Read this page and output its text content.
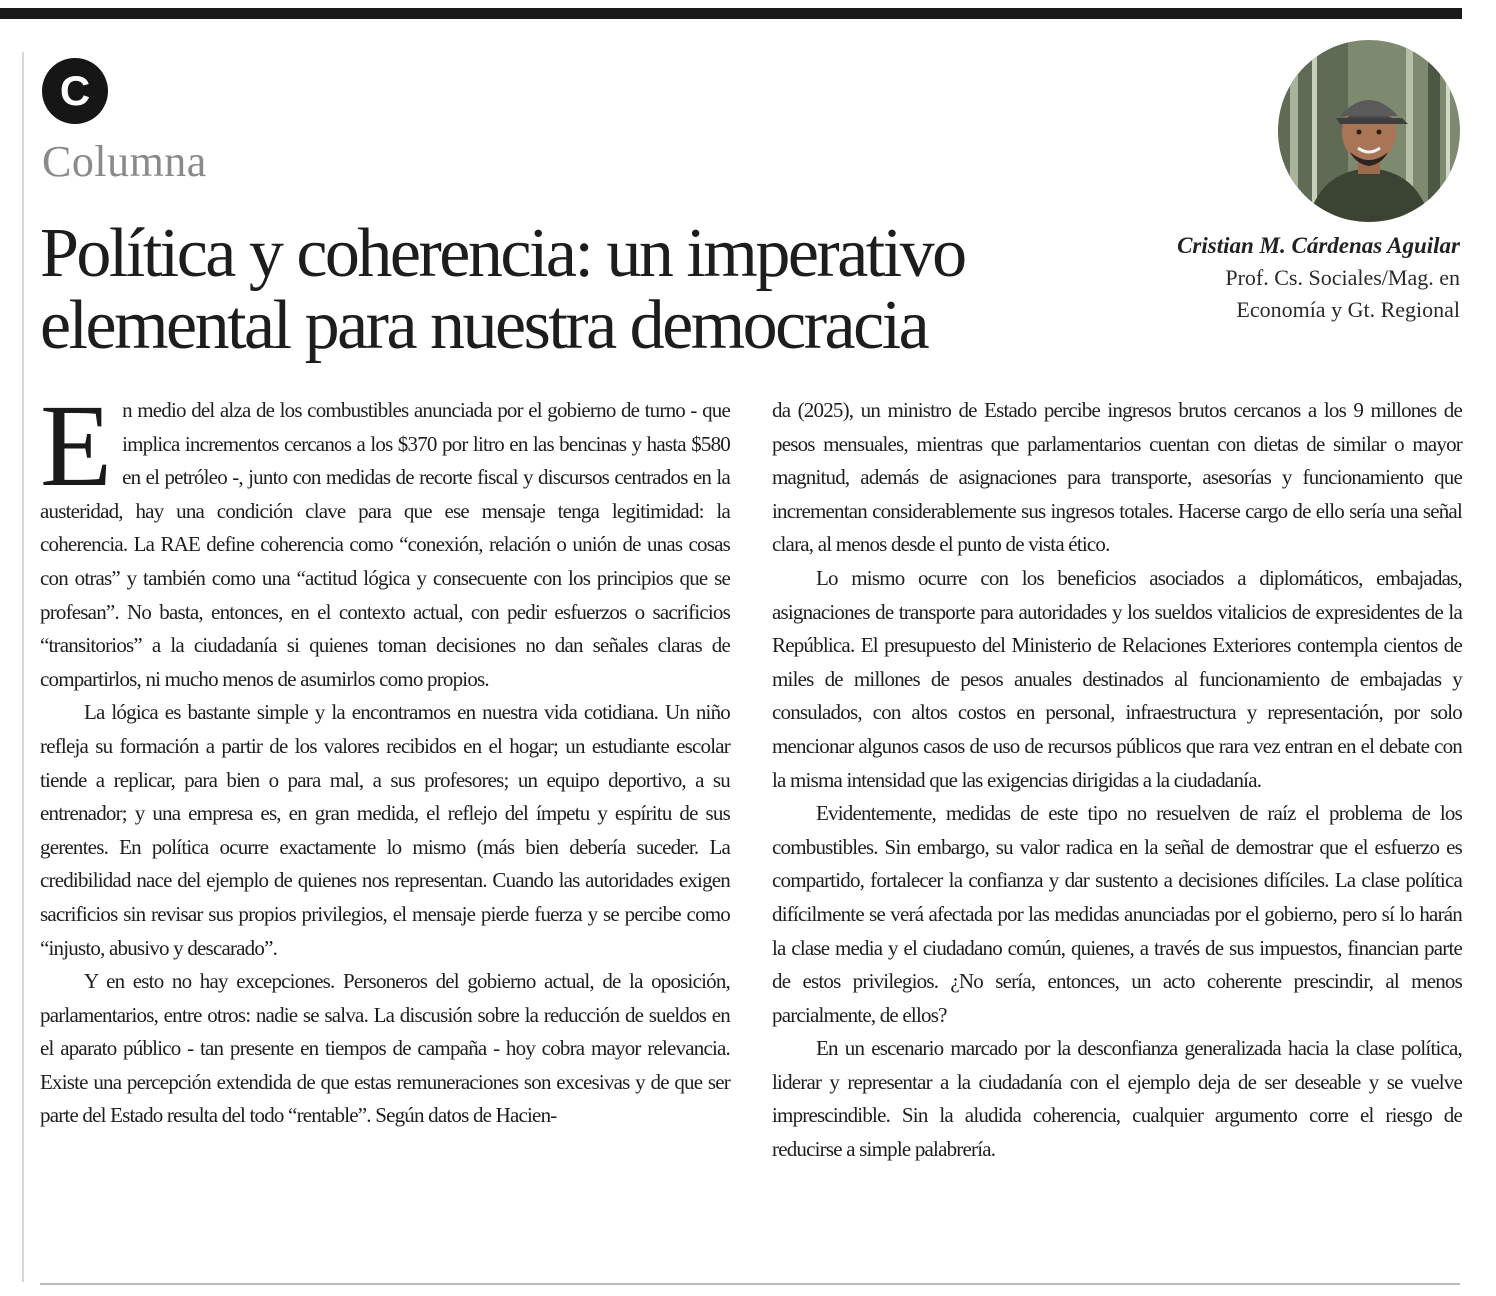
C
Columna
Política y coherencia: un imperativo
elemental para nuestra democracia
Cristian M. Cárdenas Aguilar
Prof. Cs. Sociales/Mag. en
Economía y Gt. Regional

En medio del alza de los combustibles anunciada por el gobierno de turno - que implica incrementos cercanos a los $370 por litro en las bencinas y hasta $580 en el petróleo -, junto con medidas de recorte fiscal y discursos centrados en la austeridad, hay una condición clave para que ese mensaje tenga legitimidad: la coherencia. La RAE define coherencia como “conexión, relación o unión de unas cosas con otras” y también como una “actitud lógica y consecuente con los principios que se profesan”. No basta, entonces, en el contexto actual, con pedir esfuerzos o sacrificios “transitorios” a la ciudadanía si quienes toman decisiones no dan señales claras de compartirlos, ni mucho menos de asumirlos como propios.

La lógica es bastante simple y la encontramos en nuestra vida cotidiana. Un niño refleja su formación a partir de los valores recibidos en el hogar; un estudiante escolar tiende a replicar, para bien o para mal, a sus profesores; un equipo deportivo, a su entrenador; y una empresa es, en gran medida, el reflejo del ímpetu y espíritu de sus gerentes. En política ocurre exactamente lo mismo (más bien debería suceder. La credibilidad nace del ejemplo de quienes nos representan. Cuando las autoridades exigen sacrificios sin revisar sus propios privilegios, el mensaje pierde fuerza y se percibe como “injusto, abusivo y descarado”.

Y en esto no hay excepciones. Personeros del gobierno actual, de la oposición, parlamentarios, entre otros: nadie se salva. La discusión sobre la reducción de sueldos en el aparato público - tan presente en tiempos de campaña - hoy cobra mayor relevancia. Existe una percepción extendida de que estas remuneraciones son excesivas y de que ser parte del Estado resulta del todo “rentable”. Según datos de Hacien-

da (2025), un ministro de Estado percibe ingresos brutos cercanos a los 9 millones de pesos mensuales, mientras que parlamentarios cuentan con dietas de similar o mayor magnitud, además de asignaciones para transporte, asesorías y funcionamiento que incrementan considerablemente sus ingresos totales. Hacerse cargo de ello sería una señal clara, al menos desde el punto de vista ético.

Lo mismo ocurre con los beneficios asociados a diplomáticos, embajadas, asignaciones de transporte para autoridades y los sueldos vitalicios de expresidentes de la República. El presupuesto del Ministerio de Relaciones Exteriores contempla cientos de miles de millones de pesos anuales destinados al funcionamiento de embajadas y consulados, con altos costos en personal, infraestructura y representación, por solo mencionar algunos casos de uso de recursos públicos que rara vez entran en el debate con la misma intensidad que las exigencias dirigidas a la ciudadanía.

Evidentemente, medidas de este tipo no resuelven de raíz el problema de los combustibles. Sin embargo, su valor radica en la señal de demostrar que el esfuerzo es compartido, fortalecer la confianza y dar sustento a decisiones difíciles. La clase política difícilmente se verá afectada por las medidas anunciadas por el gobierno, pero sí lo harán la clase media y el ciudadano común, quienes, a través de sus impuestos, financian parte de estos privilegios. ¿No sería, entonces, un acto coherente prescindir, al menos parcialmente, de ellos?

En un escenario marcado por la desconfianza generalizada hacia la clase política, liderar y representar a la ciudadanía con el ejemplo deja de ser deseable y se vuelve imprescindible. Sin la aludida coherencia, cualquier argumento corre el riesgo de reducirse a simple palabrería.
